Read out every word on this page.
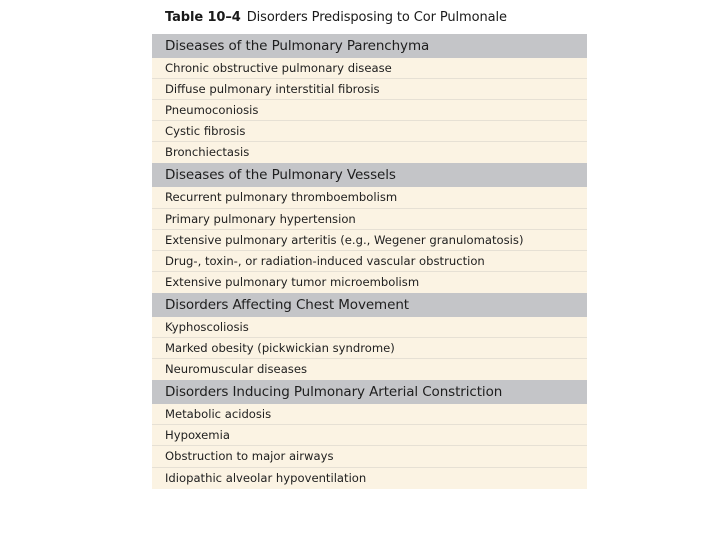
Table 10–4 Disorders Predisposing to Cor Pulmonale
Diseases of the Pulmonary Parenchyma
Chronic obstructive pulmonary disease
Diffuse pulmonary interstitial fibrosis
Pneumoconiosis
Cystic fibrosis
Bronchiectasis
Diseases of the Pulmonary Vessels
Recurrent pulmonary thromboembolism
Primary pulmonary hypertension
Extensive pulmonary arteritis (e.g., Wegener granulomatosis)
Drug-, toxin-, or radiation-induced vascular obstruction
Extensive pulmonary tumor microembolism
Disorders Affecting Chest Movement
Kyphoscoliosis
Marked obesity (pickwickian syndrome)
Neuromuscular diseases
Disorders Inducing Pulmonary Arterial Constriction
Metabolic acidosis
Hypoxemia
Obstruction to major airways
Idiopathic alveolar hypoventilation
